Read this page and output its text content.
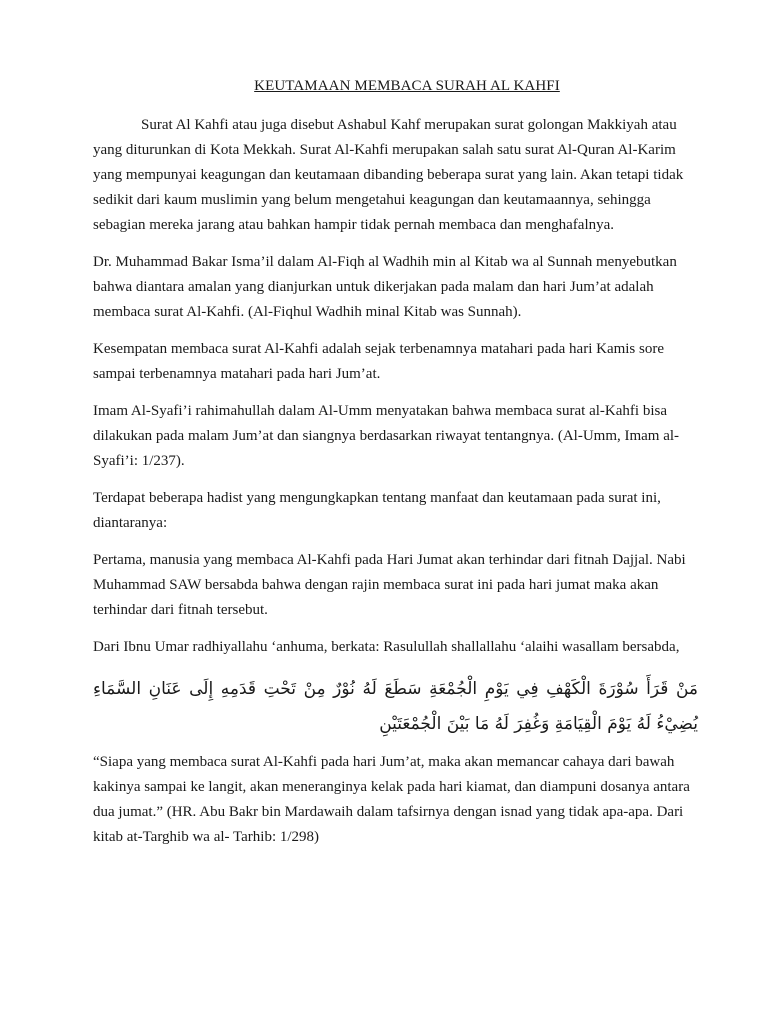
KEUTAMAAN MEMBACA SURAH AL KAHFI

Surat Al Kahfi atau juga disebut Ashabul Kahf merupakan surat golongan Makkiyah atau yang diturunkan di Kota Mekkah. Surat Al-Kahfi merupakan salah satu surat Al-Quran Al-Karim yang mempunyai keagungan dan keutamaan dibanding beberapa surat yang lain. Akan tetapi tidak sedikit dari kaum muslimin yang belum mengetahui keagungan dan keutamaannya, sehingga sebagian mereka jarang atau bahkan hampir tidak pernah membaca dan menghafalnya.

Dr. Muhammad Bakar Isma’il dalam Al-Fiqh al Wadhih min al Kitab wa al Sunnah menyebutkan bahwa diantara amalan yang dianjurkan untuk dikerjakan pada malam dan hari Jum’at adalah membaca surat Al-Kahfi. (Al-Fiqhul Wadhih minal Kitab was Sunnah).

Kesempatan membaca surat Al-Kahfi adalah sejak terbenamnya matahari pada hari Kamis sore sampai terbenamnya matahari pada hari Jum’at.

Imam Al-Syafi’i rahimahullah dalam Al-Umm menyatakan bahwa membaca surat al-Kahfi bisa dilakukan pada malam Jum’at dan siangnya berdasarkan riwayat tentangnya. (Al-Umm, Imam al-Syafi’i: 1/237).

Terdapat beberapa hadist yang mengungkapkan tentang manfaat dan keutamaan pada surat ini, diantaranya:

Pertama, manusia yang membaca Al-Kahfi pada Hari Jumat akan terhindar dari fitnah Dajjal. Nabi Muhammad SAW bersabda bahwa dengan rajin membaca surat ini pada hari jumat maka akan terhindar dari fitnah tersebut.

Dari Ibnu Umar radhiyallahu ‘anhuma, berkata: Rasulullah shallallahu ‘alaihi wasallam bersabda,

مَنْ قَرَأَ سُوْرَةَ الْكَهْفِ فِي يَوْمِ الْجُمْعَةِ سَطَعَ لَهُ نُوْرٌ مِنْ تَحْتِ قَدَمِهِ إِلَى عَنَانِ السَّمَاءِ يُضِيْءُ لَهُ يَوْمَ الْقِيَامَةِ وَغُفِرَ لَهُ مَا بَيْنَ الْجُمْعَتَيْنِ

“Siapa yang membaca surat Al-Kahfi pada hari Jum’at, maka akan memancar cahaya dari bawah kakinya sampai ke langit, akan meneranginya kelak pada hari kiamat, dan diampuni dosanya antara dua jumat.” (HR. Abu Bakr bin Mardawaih dalam tafsirnya dengan isnad yang tidak apa-apa. Dari kitab at-Targhib wa al- Tarhib: 1/298)
